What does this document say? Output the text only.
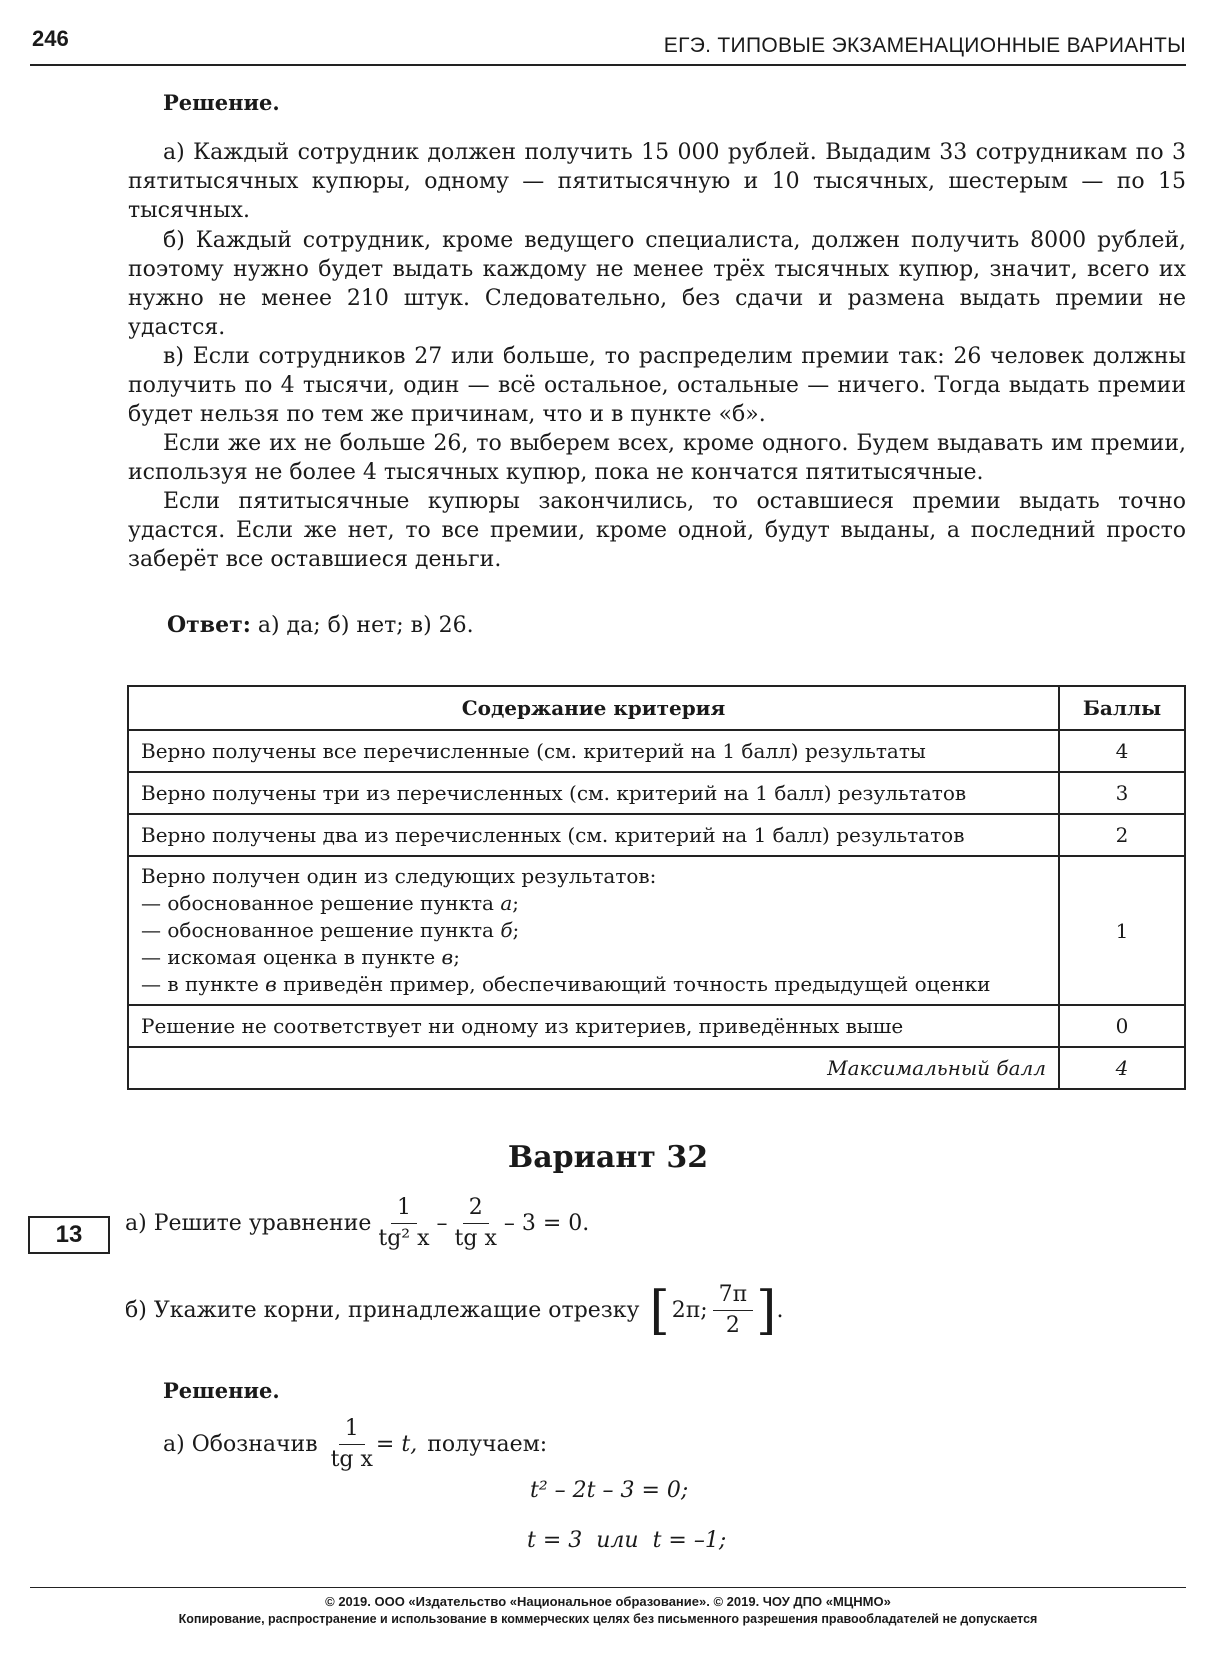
246	ЕГЭ. ТИПОВЫЕ ЭКЗАМЕНАЦИОННЫЕ ВАРИАНТЫ
Решение.
а) Каждый сотрудник должен получить 15 000 рублей. Выдадим 33 сотрудникам по 3 пятитысячных купюры, одному — пятитысячную и 10 тысячных, шестерым — по 15 тысячных.
б) Каждый сотрудник, кроме ведущего специалиста, должен получить 8000 рублей, поэтому нужно будет выдать каждому не менее трёх тысячных купюр, значит, всего их нужно не менее 210 штук. Следовательно, без сдачи и размена выдать премии не удастся.
в) Если сотрудников 27 или больше, то распределим премии так: 26 человек должны получить по 4 тысячи, один — всё остальное, остальные — ничего. Тогда выдать премии будет нельзя по тем же причинам, что и в пункте «б».
Если же их не больше 26, то выберем всех, кроме одного. Будем выдавать им премии, используя не более 4 тысячных купюр, пока не кончатся пятитысячные.
Если пятитысячные купюры закончились, то оставшиеся премии выдать точно удастся. Если же нет, то все премии, кроме одной, будут выданы, а последний просто заберёт все оставшиеся деньги.
Ответ: а) да; б) нет; в) 26.
Содержание критерия	Баллы
Верно получены все перечисленные (см. критерий на 1 балл) результаты	4
Верно получены три из перечисленных (см. критерий на 1 балл) результатов	3
Верно получены два из перечисленных (см. критерий на 1 балл) результатов	2

Верно получен один из следующих результатов:
— обоснованное решение пункта а;
— обоснованное решение пункта б;
— искомая оценка в пункте в;
— в пункте в приведён пример, обеспечивающий точность предыдущей оценки	1
Решение не соответствует ни одному из критериев, приведённых выше	0
Максимальный балл	4
Вариант 32
13	а) Решите уравнение $\frac{1}{\text{tg² x}} - \frac{2}{\text{tg x}} - 3 = 0$.
б) Укажите корни, принадлежащие отрезку [ 2π; $\frac{7\pi}{2}$ ] .
Решение.
а) Обозначив $\frac{1}{\text{tg x}} = t$, получаем:
t² – 2t – 3 = 0;
t = 3  или  t = –1;
© 2019. ООО «Издательство «Национальное образование». © 2019. ЧОУ ДПО «МЦНМО»
Копирование, распространение и использование в коммерческих целях без письменного разрешения правообладателей не допускается
